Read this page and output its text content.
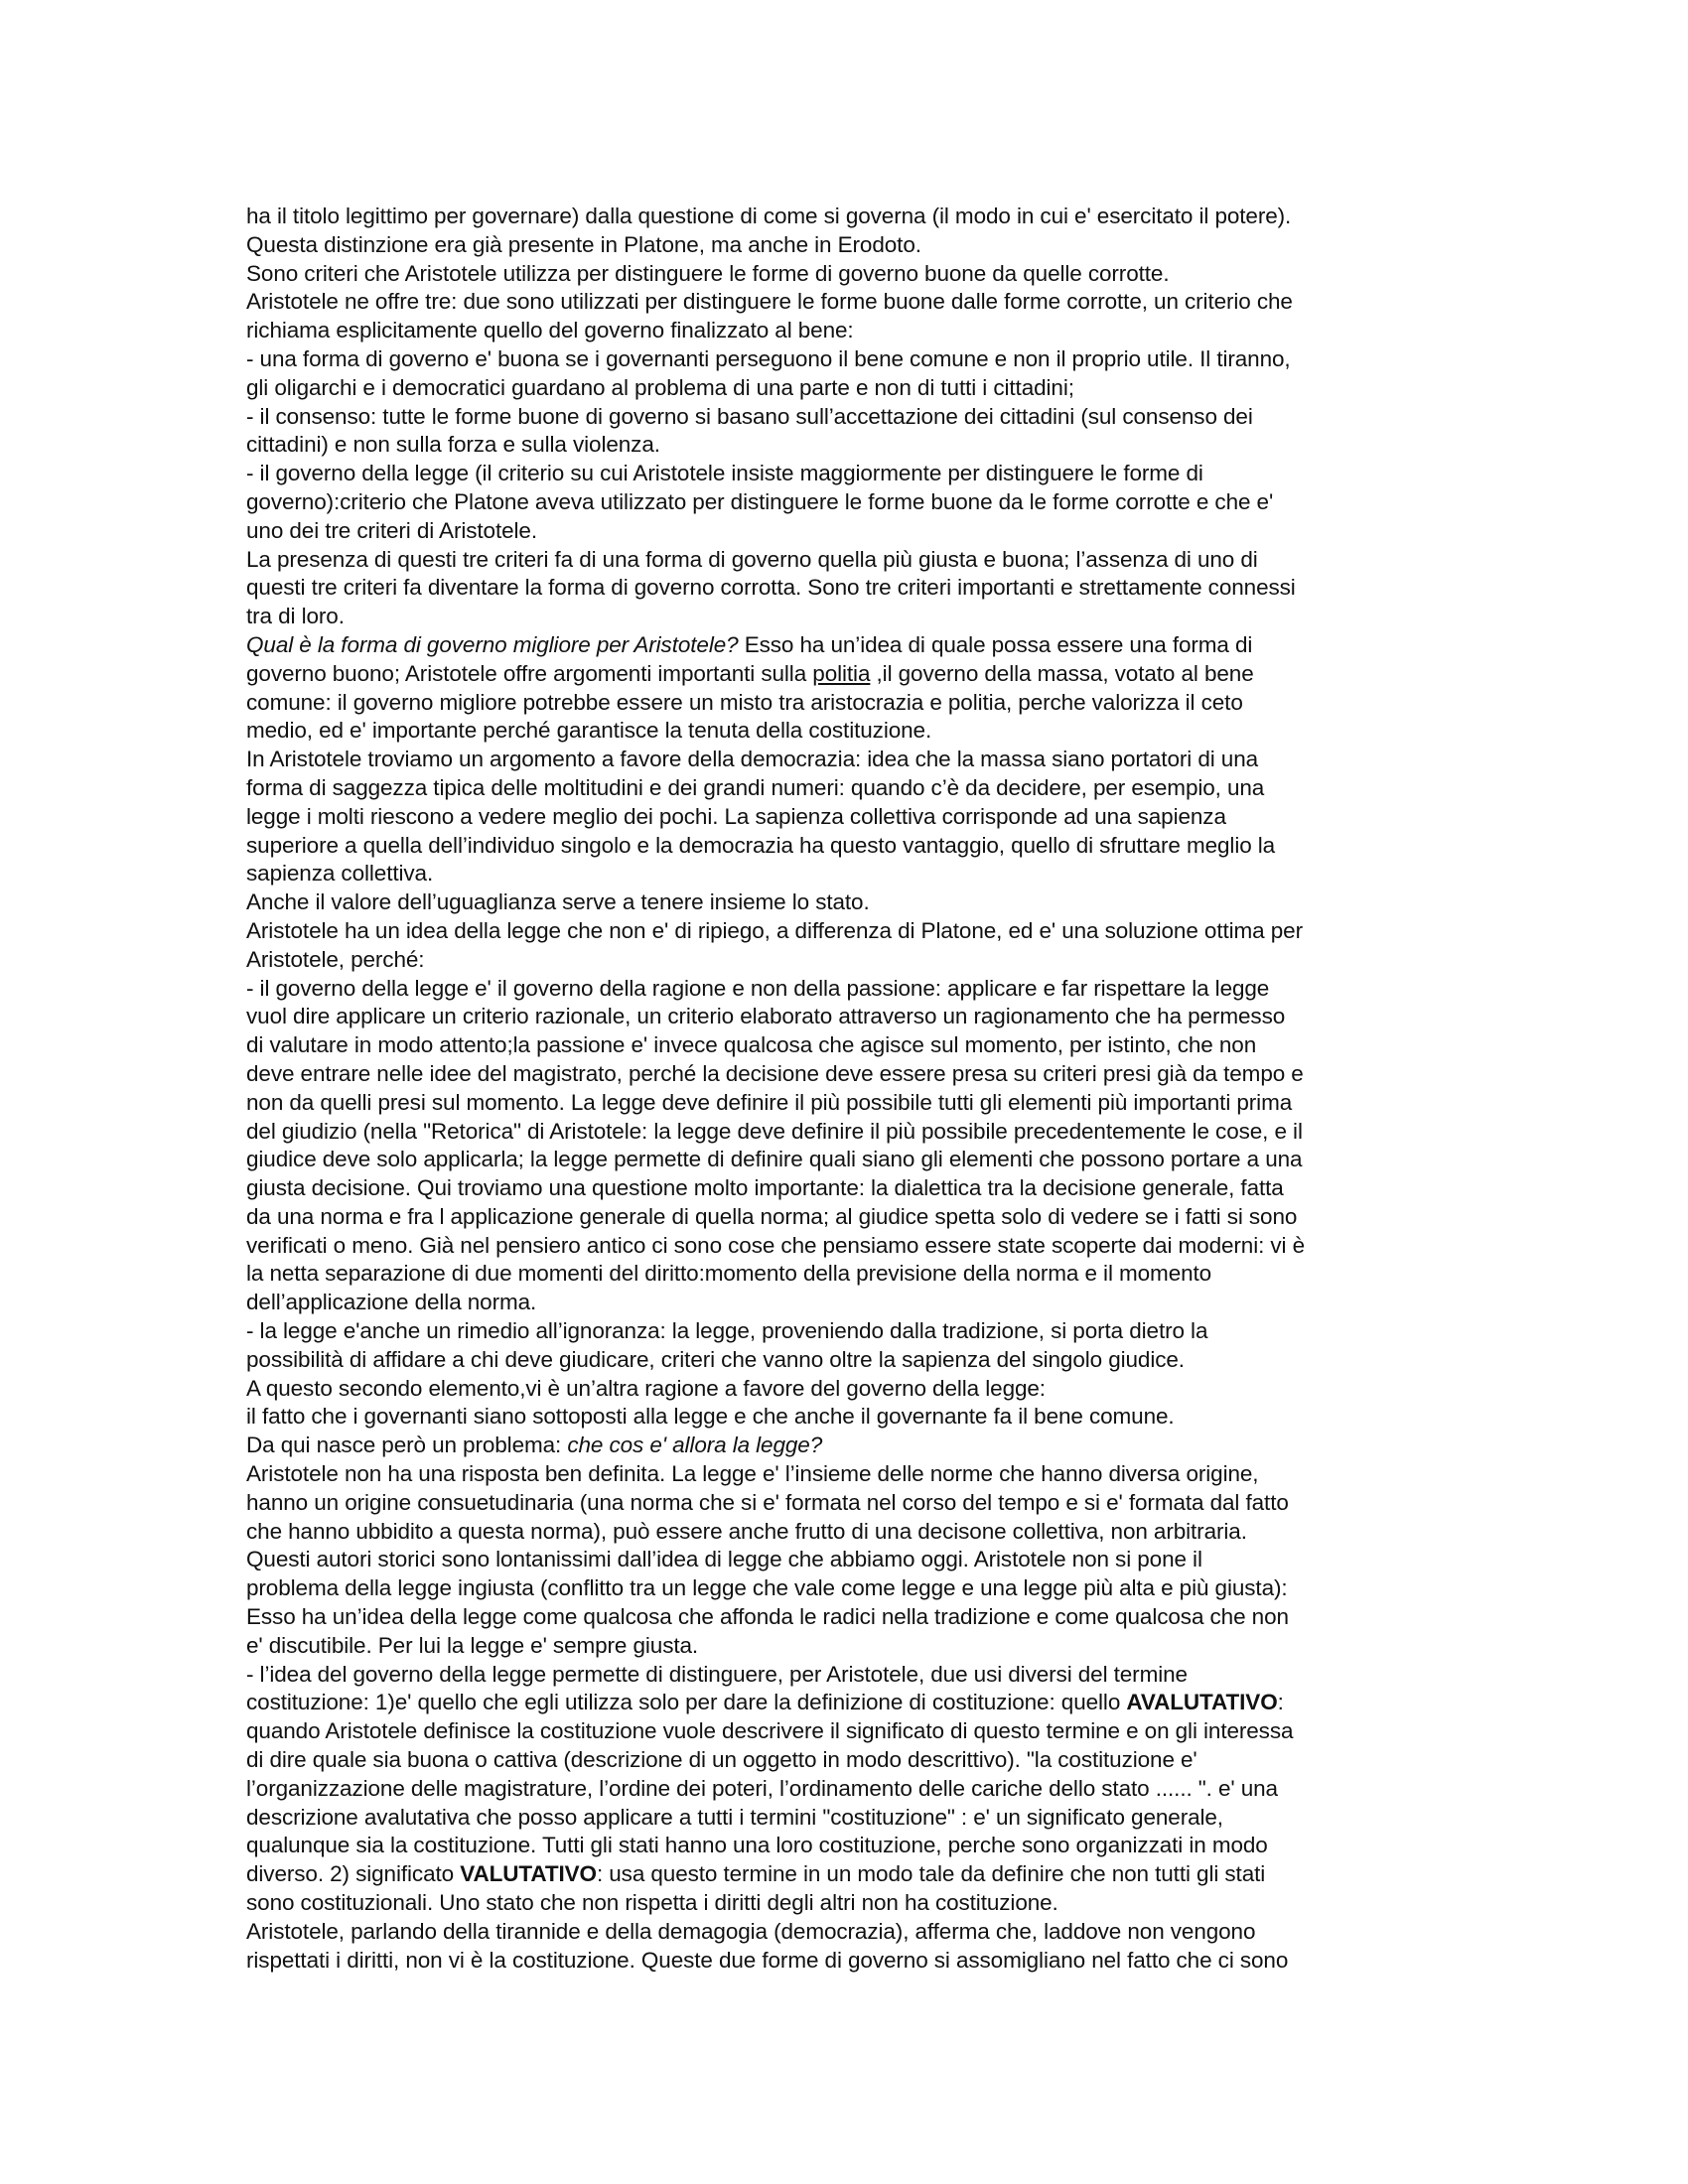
ha il titolo legittimo per governare) dalla questione di come si governa (il modo in cui e' esercitato il potere).
Questa distinzione era già presente in Platone, ma anche in Erodoto.
Sono criteri che Aristotele utilizza per distinguere le forme di governo buone da quelle corrotte.
Aristotele ne offre tre: due sono utilizzati per distinguere le forme buone dalle forme corrotte, un criterio che
richiama esplicitamente quello del governo finalizzato al bene:
- una forma di governo e' buona se i governanti perseguono il bene comune e non il proprio utile. Il tiranno,
gli oligarchi e i democratici guardano al problema di una parte e non di tutti i cittadini;
- il consenso: tutte le forme buone di governo si basano sull’accettazione dei cittadini (sul consenso dei
cittadini) e non sulla forza e sulla violenza.
- il governo della legge (il criterio su cui Aristotele insiste maggiormente per distinguere le forme di
governo):criterio che Platone aveva utilizzato per distinguere le forme buone da le forme corrotte e che e'
uno dei tre criteri di Aristotele.
La presenza di questi tre criteri fa di una forma di governo quella più giusta e buona; l’assenza di uno di
questi tre criteri fa diventare la forma di governo corrotta. Sono tre criteri importanti e strettamente connessi
tra di loro.
Qual è la forma di governo migliore per Aristotele? Esso ha un’idea di quale possa essere una forma di
governo buono; Aristotele offre argomenti importanti sulla politia ,il governo della massa, votato al bene
comune: il governo migliore potrebbe essere un misto tra aristocrazia e politia, perche valorizza il ceto
medio, ed e' importante perché garantisce la tenuta della costituzione.
In Aristotele troviamo un argomento a favore della democrazia: idea che la massa siano portatori di una
forma di saggezza tipica delle moltitudini e dei grandi numeri: quando c’è da decidere, per esempio, una
legge i molti riescono a vedere meglio dei pochi. La sapienza collettiva corrisponde ad una sapienza
superiore a quella dell’individuo singolo e la democrazia ha questo vantaggio, quello di sfruttare meglio la
sapienza collettiva.
Anche il valore dell’uguaglianza serve a tenere insieme lo stato.
Aristotele ha un idea della legge che non e' di ripiego, a differenza di Platone, ed e' una soluzione ottima per
Aristotele, perché:
- il governo della legge e' il governo della ragione e non della passione: applicare e far rispettare la legge
vuol dire applicare un criterio razionale, un criterio elaborato attraverso un ragionamento che ha permesso
di valutare in modo attento;la passione e' invece qualcosa che agisce sul momento, per istinto, che non
deve entrare nelle idee del magistrato, perché la decisione deve essere presa su criteri presi già da tempo e
non da quelli presi sul momento. La legge deve definire il più possibile tutti gli elementi più importanti prima
del giudizio (nella "Retorica" di Aristotele: la legge deve definire il più possibile precedentemente le cose, e il
giudice deve solo applicarla; la legge permette di definire quali siano gli elementi che possono portare a una
giusta decisione. Qui troviamo una questione molto importante: la dialettica tra la decisione generale, fatta
da una norma e fra l applicazione generale di quella norma; al giudice spetta solo di vedere se i fatti si sono
verificati o meno. Già nel pensiero antico ci sono cose che pensiamo essere state scoperte dai moderni: vi è
la netta separazione di due momenti del diritto:momento della previsione della norma e il momento
dell’applicazione della norma.
- la legge e'anche un rimedio all’ignoranza: la legge, proveniendo dalla tradizione, si porta dietro la
possibilità di affidare a chi deve giudicare, criteri che vanno oltre la sapienza del singolo giudice.
A questo secondo elemento,vi è un’altra ragione a favore del governo della legge:
il fatto che i governanti siano sottoposti alla legge e che anche il governante fa il bene comune.
Da qui nasce però un problema: che cos e' allora la legge?
Aristotele non ha una risposta ben definita. La legge e' l’insieme delle norme che hanno diversa origine,
hanno un origine consuetudinaria (una norma che si e' formata nel corso del tempo e si e' formata dal fatto
che hanno ubbidito a questa norma), può essere anche frutto di una decisone collettiva, non arbitraria.
Questi autori storici sono lontanissimi dall’idea di legge che abbiamo oggi. Aristotele non si pone il
problema della legge ingiusta (conflitto tra un legge che vale come legge e una legge più alta e più giusta):
Esso ha un’idea della legge come qualcosa che affonda le radici nella tradizione e come qualcosa che non
e' discutibile. Per lui la legge e' sempre giusta.
- l’idea del governo della legge permette di distinguere, per Aristotele, due usi diversi del termine
costituzione: 1)e' quello che egli utilizza solo per dare la definizione di costituzione: quello AVALUTATIVO:
quando Aristotele definisce la costituzione vuole descrivere il significato di questo termine e on gli interessa
di dire quale sia buona o cattiva (descrizione di un oggetto in modo descrittivo). "la costituzione e'
l’organizzazione delle magistrature, l’ordine dei poteri, l’ordinamento delle cariche dello stato ...... ". e' una
descrizione avalutativa che posso applicare a tutti i termini "costituzione" : e' un significato generale,
qualunque sia la costituzione. Tutti gli stati hanno una loro costituzione, perche sono organizzati in modo
diverso. 2) significato VALUTATIVO: usa questo termine in un modo tale da definire che non tutti gli stati
sono costituzionali. Uno stato che non rispetta i diritti degli altri non ha costituzione.
Aristotele, parlando della tirannide e della demagogia (democrazia), afferma che, laddove non vengono
rispettati i diritti, non vi è la costituzione. Queste due forme di governo si assomigliano nel fatto che ci sono
